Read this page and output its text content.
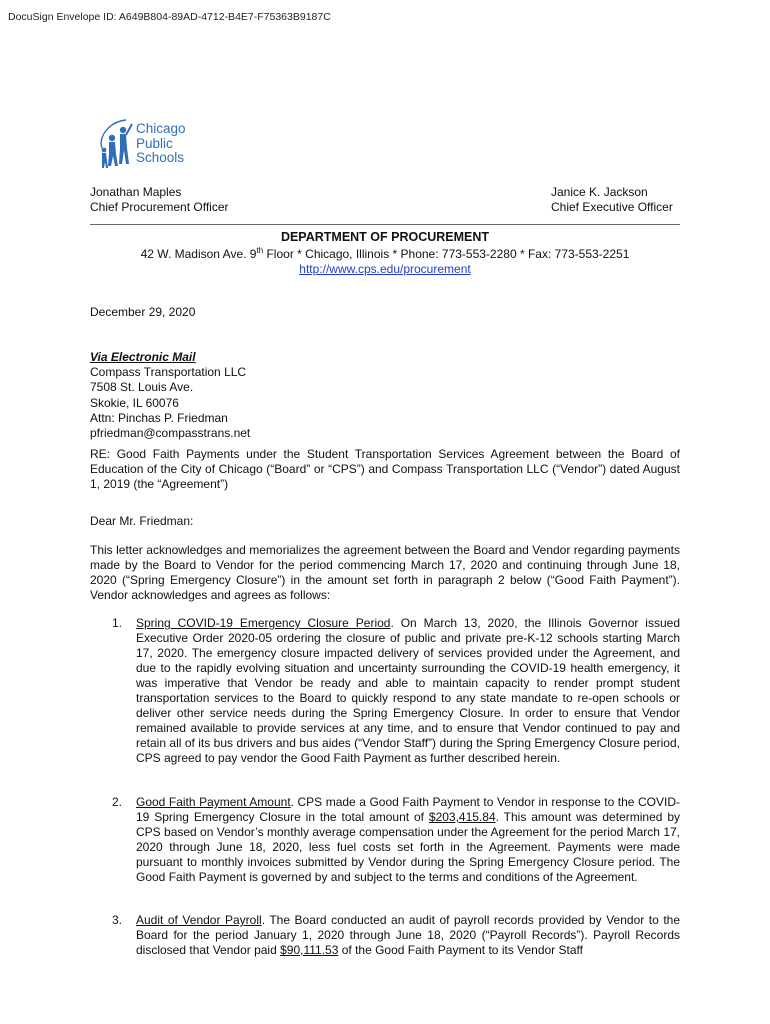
DocuSign Envelope ID: A649B804-89AD-4712-B4E7-F75363B9187C
Chicago
Public
Schools
Jonathan Maples
Chief Procurement Officer
Janice K. Jackson
Chief Executive Officer
DEPARTMENT OF PROCUREMENT
42 W. Madison Ave. 9th Floor * Chicago, Illinois * Phone: 773-553-2280 * Fax: 773-553-2251
http://www.cps.edu/procurement
December 29, 2020
Via Electronic Mail
Compass Transportation LLC
7508 St. Louis Ave.
Skokie, IL 60076
Attn: Pinchas P. Friedman
pfriedman@compasstrans.net
RE: Good Faith Payments under the Student Transportation Services Agreement between the Board of Education of the City of Chicago (“Board” or “CPS”) and Compass Transportation LLC (“Vendor”) dated August 1, 2019 (the “Agreement”)
Dear Mr. Friedman:
This letter acknowledges and memorializes the agreement between the Board and Vendor regarding payments made by the Board to Vendor for the period commencing March 17, 2020 and continuing through June 18, 2020 (“Spring Emergency Closure”) in the amount set forth in paragraph 2 below (“Good Faith Payment”). Vendor acknowledges and agrees as follows:
1. Spring COVID-19 Emergency Closure Period. On March 13, 2020, the Illinois Governor issued Executive Order 2020-05 ordering the closure of public and private pre-K-12 schools starting March 17, 2020. The emergency closure impacted delivery of services provided under the Agreement, and due to the rapidly evolving situation and uncertainty surrounding the COVID-19 health emergency, it was imperative that Vendor be ready and able to maintain capacity to render prompt student transportation services to the Board to quickly respond to any state mandate to re-open schools or deliver other service needs during the Spring Emergency Closure. In order to ensure that Vendor remained available to provide services at any time, and to ensure that Vendor continued to pay and retain all of its bus drivers and bus aides (“Vendor Staff”) during the Spring Emergency Closure period, CPS agreed to pay vendor the Good Faith Payment as further described herein.
2. Good Faith Payment Amount. CPS made a Good Faith Payment to Vendor in response to the COVID-19 Spring Emergency Closure in the total amount of $203,415.84. This amount was determined by CPS based on Vendor’s monthly average compensation under the Agreement for the period March 17, 2020 through June 18, 2020, less fuel costs set forth in the Agreement. Payments were made pursuant to monthly invoices submitted by Vendor during the Spring Emergency Closure period. The Good Faith Payment is governed by and subject to the terms and conditions of the Agreement.
3. Audit of Vendor Payroll. The Board conducted an audit of payroll records provided by Vendor to the Board for the period January 1, 2020 through June 18, 2020 (“Payroll Records”). Payroll Records disclosed that Vendor paid $90,111.53 of the Good Faith Payment to its Vendor Staff
